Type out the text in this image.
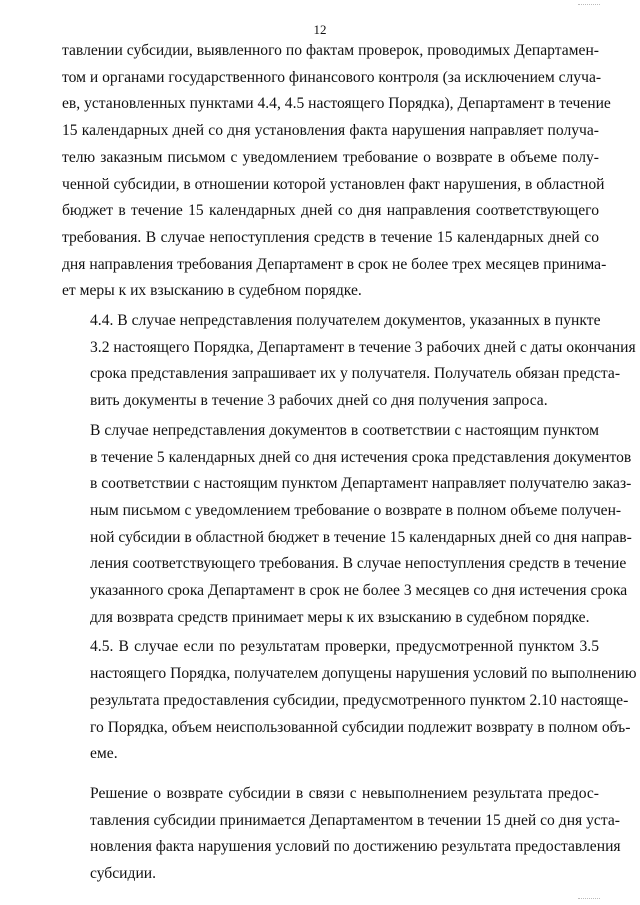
12

тавлении субсидии, выявленного по фактам проверок, проводимых Департамен-
том и органами государственного финансового контроля (за исключением случа-
ев, установленных пунктами 4.4, 4.5 настоящего Порядка), Департамент в течение
15 календарных дней со дня установления факта нарушения направляет получа-
телю заказным письмом с уведомлением требование о возврате в объеме полу-
ченной субсидии, в отношении которой установлен факт нарушения, в областной
бюджет в течение 15 календарных дней со дня направления соответствующего
требования. В случае непоступления средств в течение 15 календарных дней со
дня направления требования Департамент в срок не более трех месяцев принима-
ет меры к их взысканию в судебном порядке.

4.4. В случае непредставления получателем документов, указанных в пункте
3.2 настоящего Порядка, Департамент в течение 3 рабочих дней с даты окончания
срока представления запрашивает их у получателя. Получатель обязан предста-
вить документы в течение 3 рабочих дней со дня получения запроса.

В случае непредставления документов в соответствии с настоящим пунктом
в течение 5 календарных дней со дня истечения срока представления документов
в соответствии с настоящим пунктом Департамент направляет получателю заказ-
ным письмом с уведомлением требование о возврате в полном объеме получен-
ной субсидии в областной бюджет в течение 15 календарных дней со дня направ-
ления соответствующего требования. В случае непоступления средств в течение
указанного срока Департамент в срок не более 3 месяцев со дня истечения срока
для возврата средств принимает меры к их взысканию в судебном порядке.

4.5. В случае если по результатам проверки, предусмотренной пунктом 3.5
настоящего Порядка, получателем допущены нарушения условий по выполнению
результата предоставления субсидии, предусмотренного пунктом 2.10 настояще-
го Порядка, объем неиспользованной субсидии подлежит возврату в полном объ-
еме.

Решение о возврате субсидии в связи с невыполнением результата предос-
тавления субсидии принимается Департаментом в течении 15 дней со дня уста-
новления факта нарушения условий по достижению результата предоставления
субсидии.
